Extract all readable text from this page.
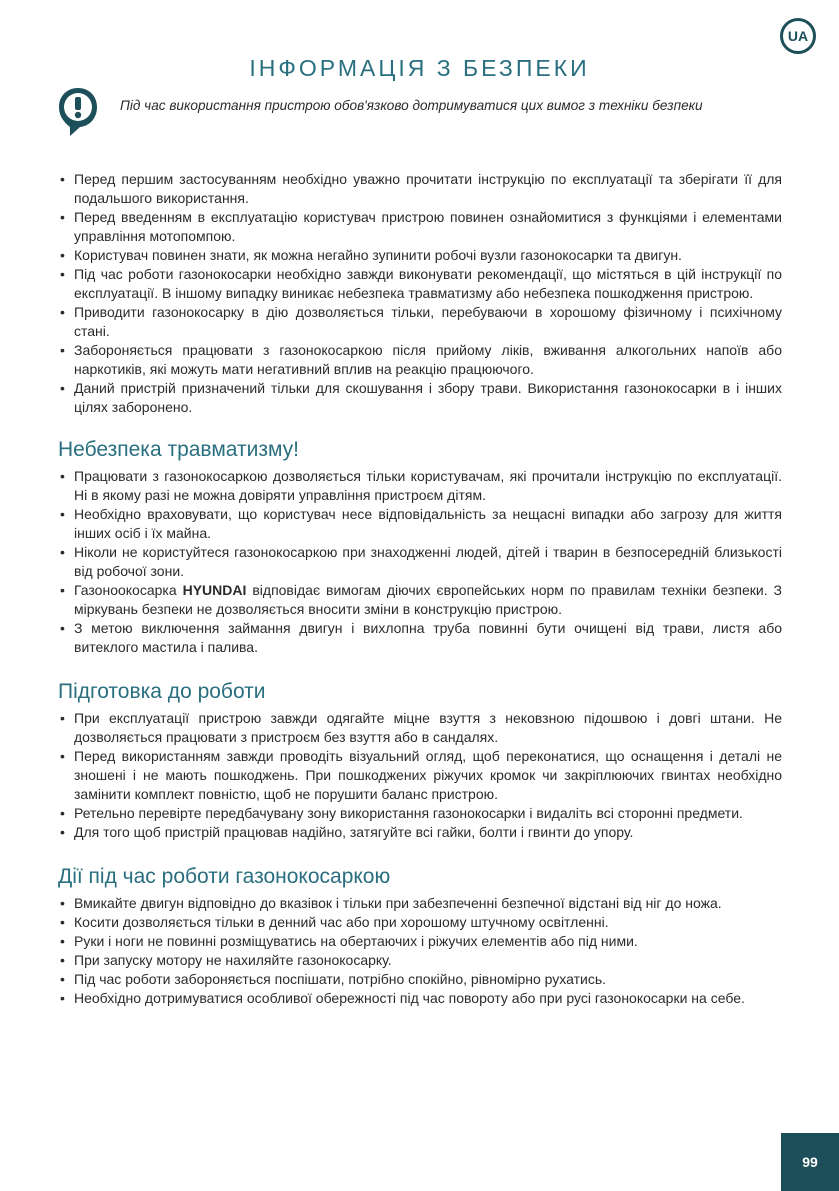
UA
ІНФОРМАЦІЯ З БЕЗПЕКИ

Під час використання пристрою обов'язково дотримуватися цих вимог з техніки безпеки

• Перед першим застосуванням необхідно уважно прочитати інструкцію по експлуатації та зберігати її для подальшого використання.
• Перед введенням в експлуатацію користувач пристрою повинен ознайомитися з функціями і елементами управління мотопомпою.
• Користувач повинен знати, як можна негайно зупинити робочі вузли газонокосарки та двигун.
• Під час роботи газонокосарки необхідно завжди виконувати рекомендації, що містяться в цій інструкції по експлуатації. В іншому випадку виникає небезпека травматизму або небезпека пошкодження пристрою.
• Приводити газонокосарку в дію дозволяється тільки, перебуваючи в хорошому фізичному і психічному стані.
• Забороняється працювати з газонокосаркою після прийому ліків, вживання алкогольних напоїв або наркотиків, які можуть мати негативний вплив на реакцію працюючого.
• Даний пристрій призначений тільки для скошування і збору трави. Використання газонокосарки в і інших цілях заборонено.
Небезпека травматизму!
• Працювати з газонокосаркою дозволяється тільки користувачам, які прочитали інструкцію по експлуатації. Ні в якому разі не можна довіряти управління пристроєм дітям.
• Необхідно враховувати, що користувач несе відповідальність за нещасні випадки або загрозу для життя інших осіб і їх майна.
• Ніколи не користуйтеся газонокосаркою при знаходженні людей, дітей і тварин в безпосередній близькості від робочої зони.
• Газоноокосарка HYUNDAI відповідає вимогам діючих європейських норм по правилам техніки безпеки. З міркувань безпеки не дозволяється вносити зміни в конструкцію пристрою.
• З метою виключення займання двигун і вихлопна труба повинні бути очищені від трави, листя або витеклого мастила і палива.
Підготовка до роботи
• При експлуатації пристрою завжди одягайте міцне взуття з нековзною підошвою і довгі штани. Не дозволяється працювати з пристроєм без взуття або в сандалях.
• Перед використанням завжди проводіть візуальний огляд, щоб переконатися, що оснащення і деталі не зношені і не мають пошкоджень. При пошкоджених ріжучих кромок чи закріплюючих гвинтах необхідно замінити комплект повністю, щоб не порушити баланс пристрою.
• Ретельно перевірте передбачувану зону використання газонокосарки і видаліть всі сторонні предмети.
• Для того щоб пристрій працював надійно, затягуйте всі гайки, болти і гвинти до упору.
Дії під час роботи газонокосаркою
• Вмикайте двигун відповідно до вказівок і тільки при забезпеченні безпечної відстані від ніг до ножа.
• Косити дозволяється тільки в денний час або при хорошому штучному освітленні.
• Руки і ноги не повинні розміщуватись на обертаючих і ріжучих елементів або під ними.
• При запуску мотору не нахиляйте газонокосарку.
• Під час роботи забороняється поспішати, потрібно спокійно, рівномірно рухатись.
• Необхідно дотримуватися особливої обережності під час повороту або при русі газонокосарки на себе.
99
